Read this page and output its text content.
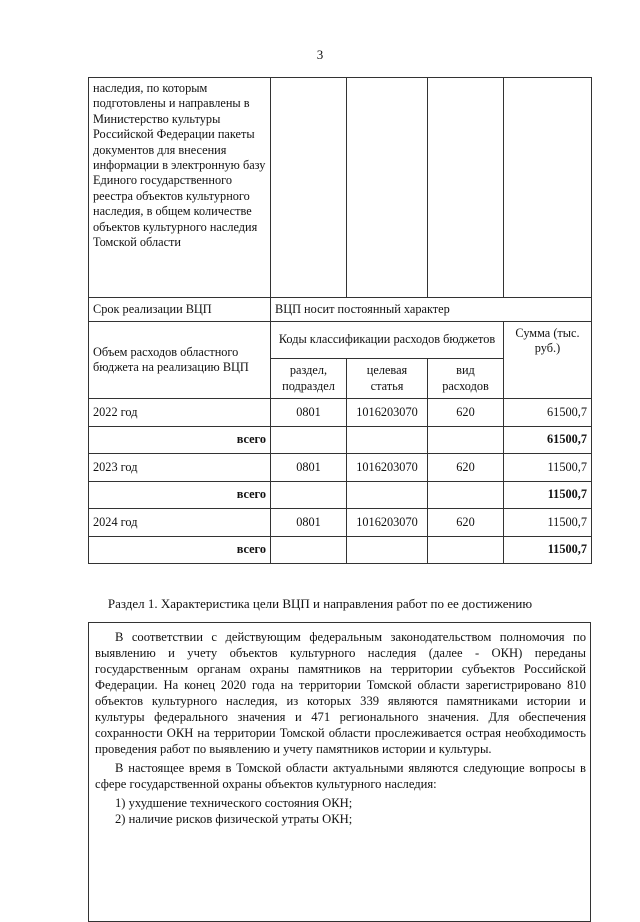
3
наследия, по которым подготовлены и направлены в Министерство культуры Российской Федерации пакеты документов для внесения информации в электронную базу Единого государственного реестра объектов культурного наследия, в общем количестве объектов культурного наследия Томской области				
Срок реализации ВЦП	ВЦП носит постоянный характер			
Объем расходов областного бюджета на реализацию ВЦП	Коды классификации расходов бюджетов			Сумма (тыс. руб.)
	раздел, подраздел	целевая статья	вид расходов	
2022 год	0801	1016203070	620	61500,7
всего				61500,7
2023 год	0801	1016203070	620	11500,7
всего				11500,7
2024 год	0801	1016203070	620	11500,7
всего				11500,7
Раздел 1. Характеристика цели ВЦП и направления работ по ее достижению

В соответствии с действующим федеральным законодательством полномочия по выявлению и учету объектов культурного наследия (далее - ОКН) переданы государственным органам охраны памятников на территории субъектов Российской Федерации. На конец 2020 года на территории Томской области зарегистрировано 810 объектов культурного наследия, из которых 339 являются памятниками истории и культуры федерального значения и 471 регионального значения. Для обеспечения сохранности ОКН на территории Томской области прослеживается острая необходимость проведения работ по выявлению и учету памятников истории и культуры.

В настоящее время в Томской области актуальными являются следующие вопросы в сфере государственной охраны объектов культурного наследия:

1) ухудшение технического состояния ОКН;
2) наличие рисков физической утраты ОКН;
